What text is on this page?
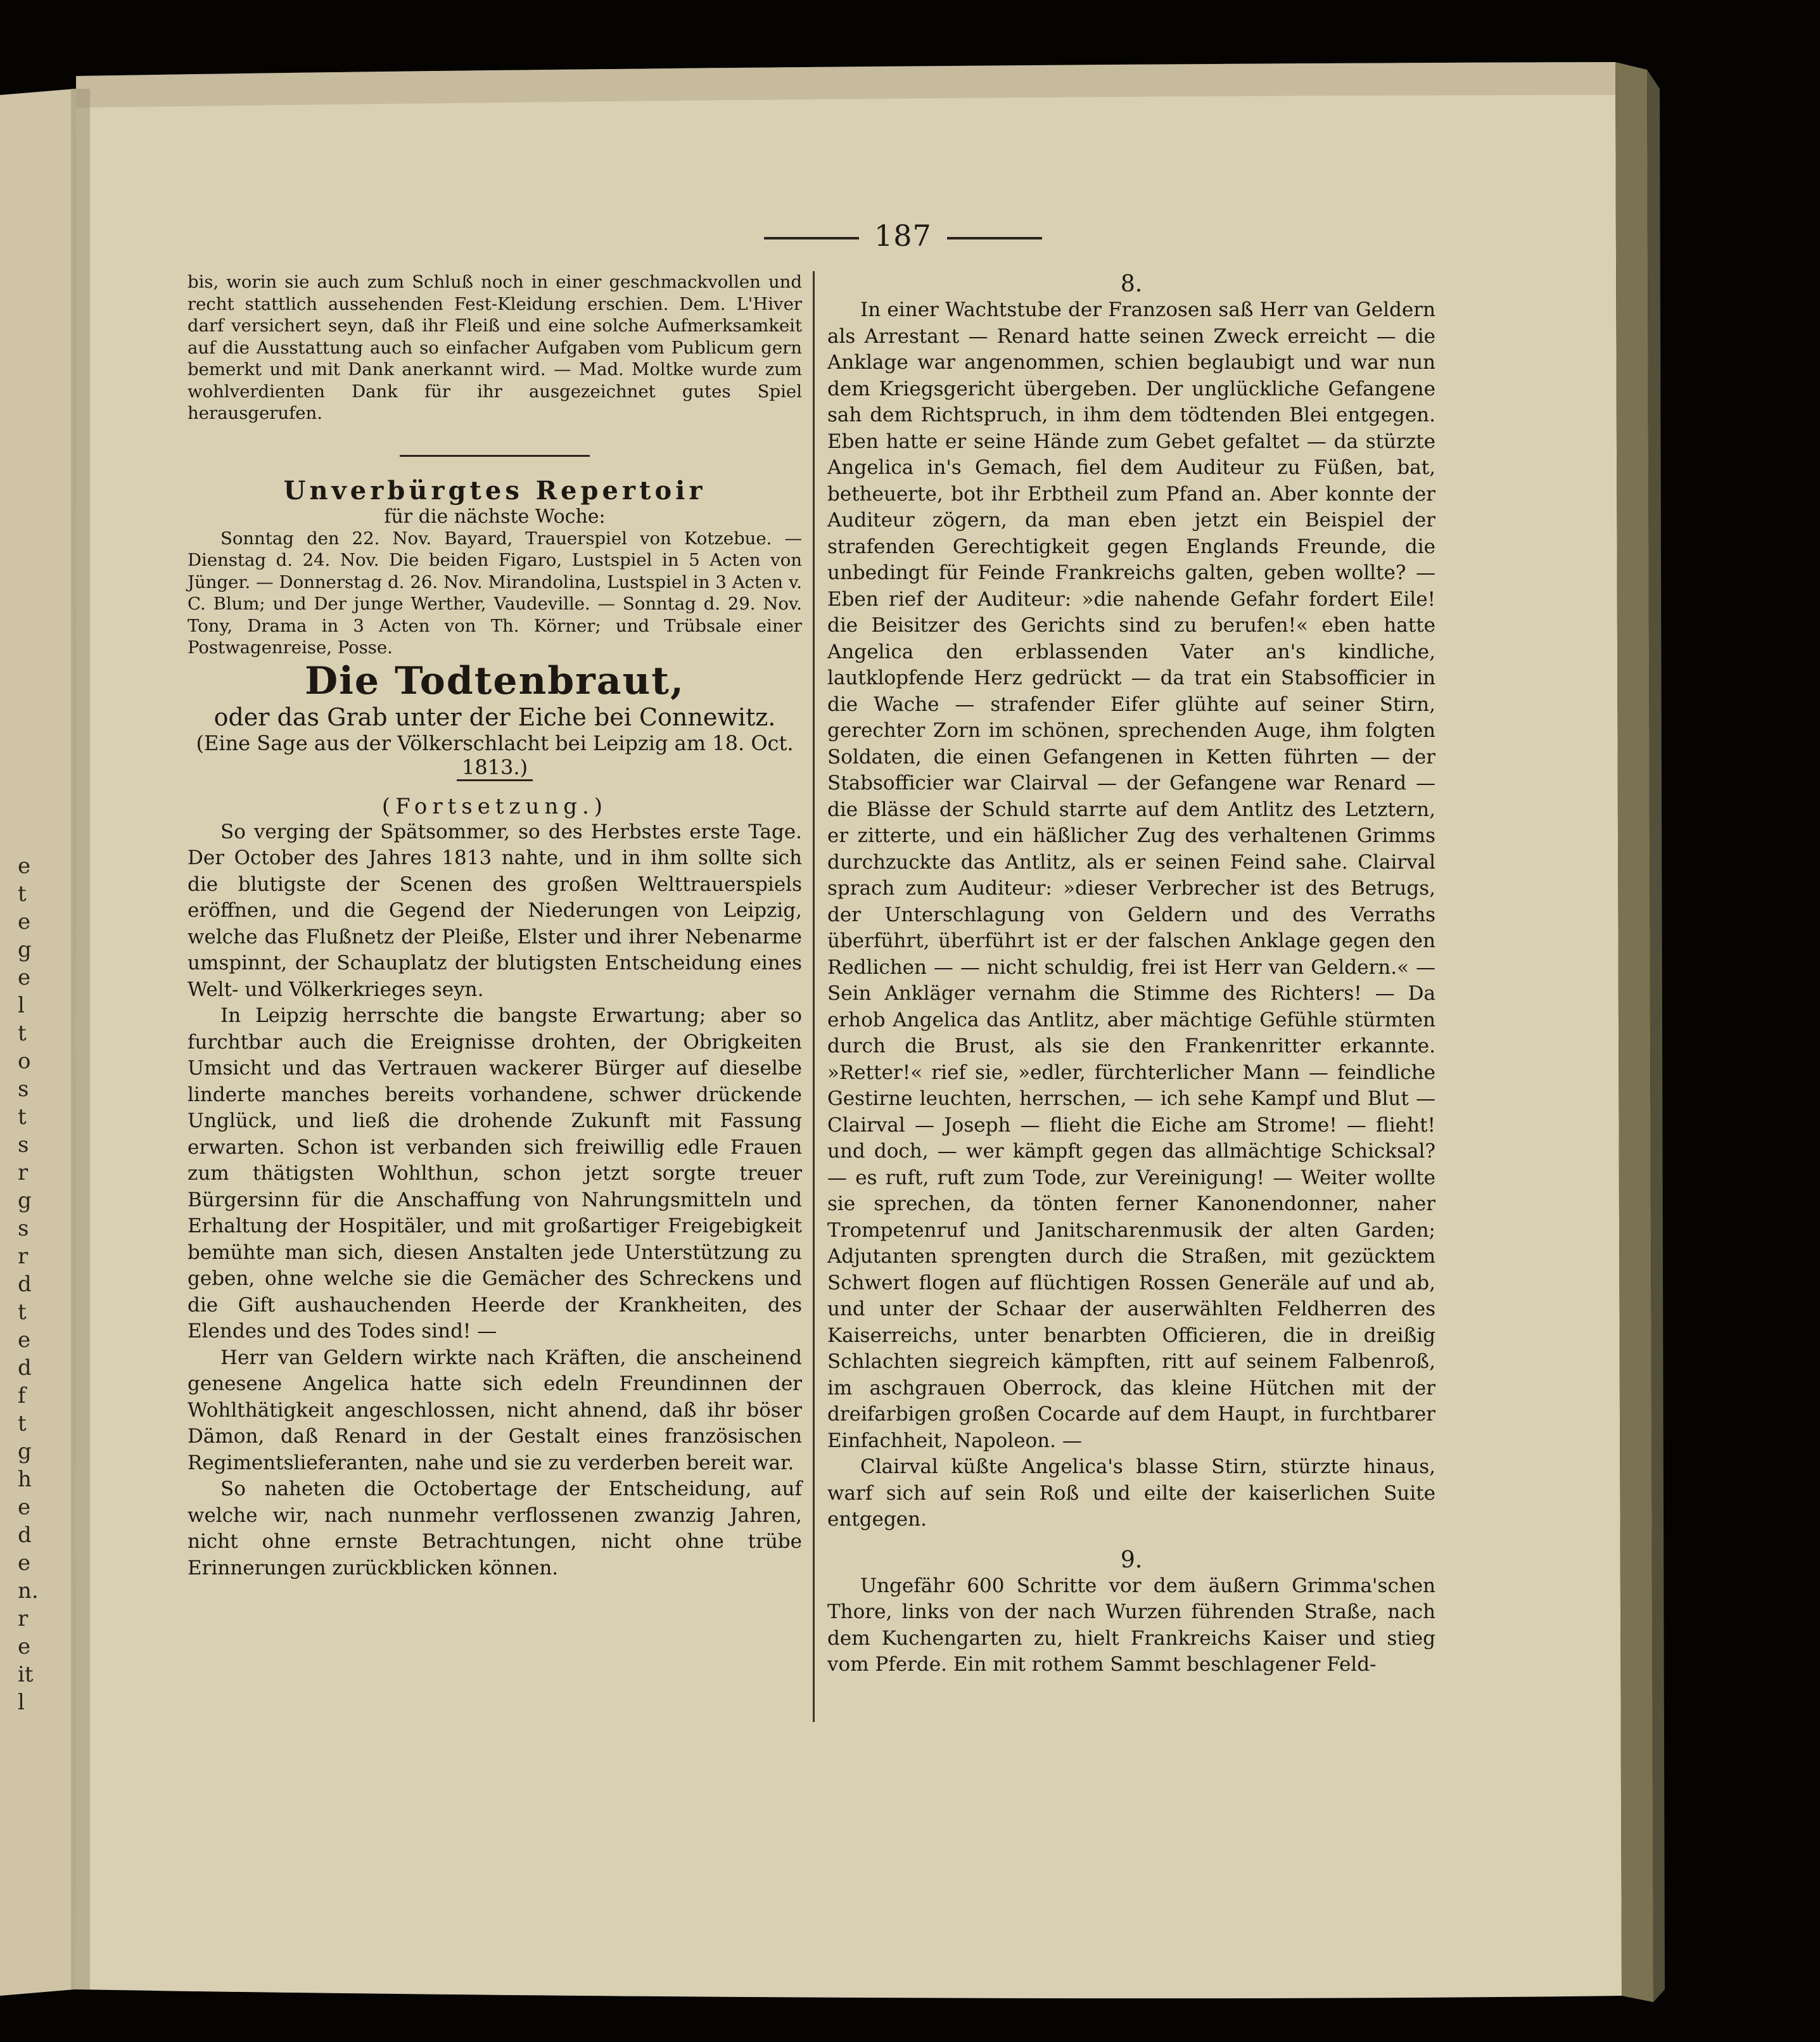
e
t
e
g
e
l
t
o
s
t
s
r
g
s
r
d
t
e
d
f
t
g
h
e
d
e
n.
r
e
it
l
187

bis, worin sie auch zum Schluß noch in einer geschmackvollen und recht stattlich aussehenden Fest-Kleidung erschien. Dem. L'Hiver darf versichert seyn, daß ihr Fleiß und eine solche Aufmerksamkeit auf die Ausstattung auch so einfacher Aufgaben vom Publicum gern bemerkt und mit Dank anerkannt wird. — Mad. Moltke wurde zum wohlverdienten Dank für ihr ausgezeichnet gutes Spiel herausgerufen.

Unverbürgtes Repertoir

für die nächste Woche:

Sonntag den 22. Nov. Bayard, Trauerspiel von Kotzebue. — Dienstag d. 24. Nov. Die beiden Figaro, Lustspiel in 5 Acten von Jünger. — Donnerstag d. 26. Nov. Mirandolina, Lustspiel in 3 Acten v. C. Blum; und Der junge Werther, Vaudeville. — Sonntag d. 29. Nov. Tony, Drama in 3 Acten von Th. Körner; und Trübsale einer Postwagenreise, Posse.

Die Todtenbraut,

oder das Grab unter der Eiche bei Connewitz.

(Eine Sage aus der Völkerschlacht bei Leipzig am 18. Oct. 1813.)

(Fortsetzung.)

So verging der Spätsommer, so des Herbstes erste Tage. Der October des Jahres 1813 nahte, und in ihm sollte sich die blutigste der Scenen des großen Welttrauerspiels eröffnen, und die Gegend der Niederungen von Leipzig, welche das Flußnetz der Pleiße, Elster und ihrer Nebenarme umspinnt, der Schauplatz der blutigsten Entscheidung eines Welt- und Völkerkrieges seyn.

In Leipzig herrschte die bangste Erwartung; aber so furchtbar auch die Ereignisse drohten, der Obrigkeiten Umsicht und das Vertrauen wackerer Bürger auf dieselbe linderte manches bereits vorhandene, schwer drückende Unglück, und ließ die drohende Zukunft mit Fassung erwarten. Schon ist verbanden sich freiwillig edle Frauen zum thätigsten Wohlthun, schon jetzt sorgte treuer Bürgersinn für die Anschaffung von Nahrungsmitteln und Erhaltung der Hospitäler, und mit großartiger Freigebigkeit bemühte man sich, diesen Anstalten jede Unterstützung zu geben, ohne welche sie die Gemächer des Schreckens und die Gift aushauchenden Heerde der Krankheiten, des Elendes und des Todes sind! —

Herr van Geldern wirkte nach Kräften, die anscheinend genesene Angelica hatte sich edeln Freundinnen der Wohlthätigkeit angeschlossen, nicht ahnend, daß ihr böser Dämon, daß Renard in der Gestalt eines französischen Regimentslieferanten, nahe und sie zu verderben bereit war.

So naheten die Octobertage der Entscheidung, auf welche wir, nach nunmehr verflossenen zwanzig Jahren, nicht ohne ernste Betrachtungen, nicht ohne trübe Erinnerungen zurückblicken können.

8.

In einer Wachtstube der Franzosen saß Herr van Geldern als Arrestant — Renard hatte seinen Zweck erreicht — die Anklage war angenommen, schien beglaubigt und war nun dem Kriegsgericht übergeben. Der unglückliche Gefangene sah dem Richtspruch, in ihm dem tödtenden Blei entgegen. Eben hatte er seine Hände zum Gebet gefaltet — da stürzte Angelica in's Gemach, fiel dem Auditeur zu Füßen, bat, betheuerte, bot ihr Erbtheil zum Pfand an. Aber konnte der Auditeur zögern, da man eben jetzt ein Beispiel der strafenden Gerechtigkeit gegen Englands Freunde, die unbedingt für Feinde Frankreichs galten, geben wollte? — Eben rief der Auditeur: »die nahende Gefahr fordert Eile! die Beisitzer des Gerichts sind zu berufen!« eben hatte Angelica den erblassenden Vater an's kindliche, lautklopfende Herz gedrückt — da trat ein Stabsofficier in die Wache — strafender Eifer glühte auf seiner Stirn, gerechter Zorn im schönen, sprechenden Auge, ihm folgten Soldaten, die einen Gefangenen in Ketten führten — der Stabsofficier war Clairval — der Gefangene war Renard — die Blässe der Schuld starrte auf dem Antlitz des Letztern, er zitterte, und ein häßlicher Zug des verhaltenen Grimms durchzuckte das Antlitz, als er seinen Feind sahe. Clairval sprach zum Auditeur: »dieser Verbrecher ist des Betrugs, der Unterschlagung von Geldern und des Verraths überführt, überführt ist er der falschen Anklage gegen den Redlichen — — nicht schuldig, frei ist Herr van Geldern.« — Sein Ankläger vernahm die Stimme des Richters! — Da erhob Angelica das Antlitz, aber mächtige Gefühle stürmten durch die Brust, als sie den Frankenritter erkannte. »Retter!« rief sie, »edler, fürchterlicher Mann — feindliche Gestirne leuchten, herrschen, — ich sehe Kampf und Blut — Clairval — Joseph — flieht die Eiche am Strome! — flieht! und doch, — wer kämpft gegen das allmächtige Schicksal? — es ruft, ruft zum Tode, zur Vereinigung! — Weiter wollte sie sprechen, da tönten ferner Kanonendonner, naher Trompetenruf und Janitscharenmusik der alten Garden; Adjutanten sprengten durch die Straßen, mit gezücktem Schwert flogen auf flüchtigen Rossen Generäle auf und ab, und unter der Schaar der auserwählten Feldherren des Kaiserreichs, unter benarbten Officieren, die in dreißig Schlachten siegreich kämpften, ritt auf seinem Falbenroß, im aschgrauen Oberrock, das kleine Hütchen mit der dreifarbigen großen Cocarde auf dem Haupt, in furchtbarer Einfachheit, Napoleon. —

Clairval küßte Angelica's blasse Stirn, stürzte hinaus, warf sich auf sein Roß und eilte der kaiserlichen Suite entgegen.

9.

Ungefähr 600 Schritte vor dem äußern Grimma'schen Thore, links von der nach Wurzen führenden Straße, nach dem Kuchengarten zu, hielt Frankreichs Kaiser und stieg vom Pferde. Ein mit rothem Sammt beschlagener Feld-
